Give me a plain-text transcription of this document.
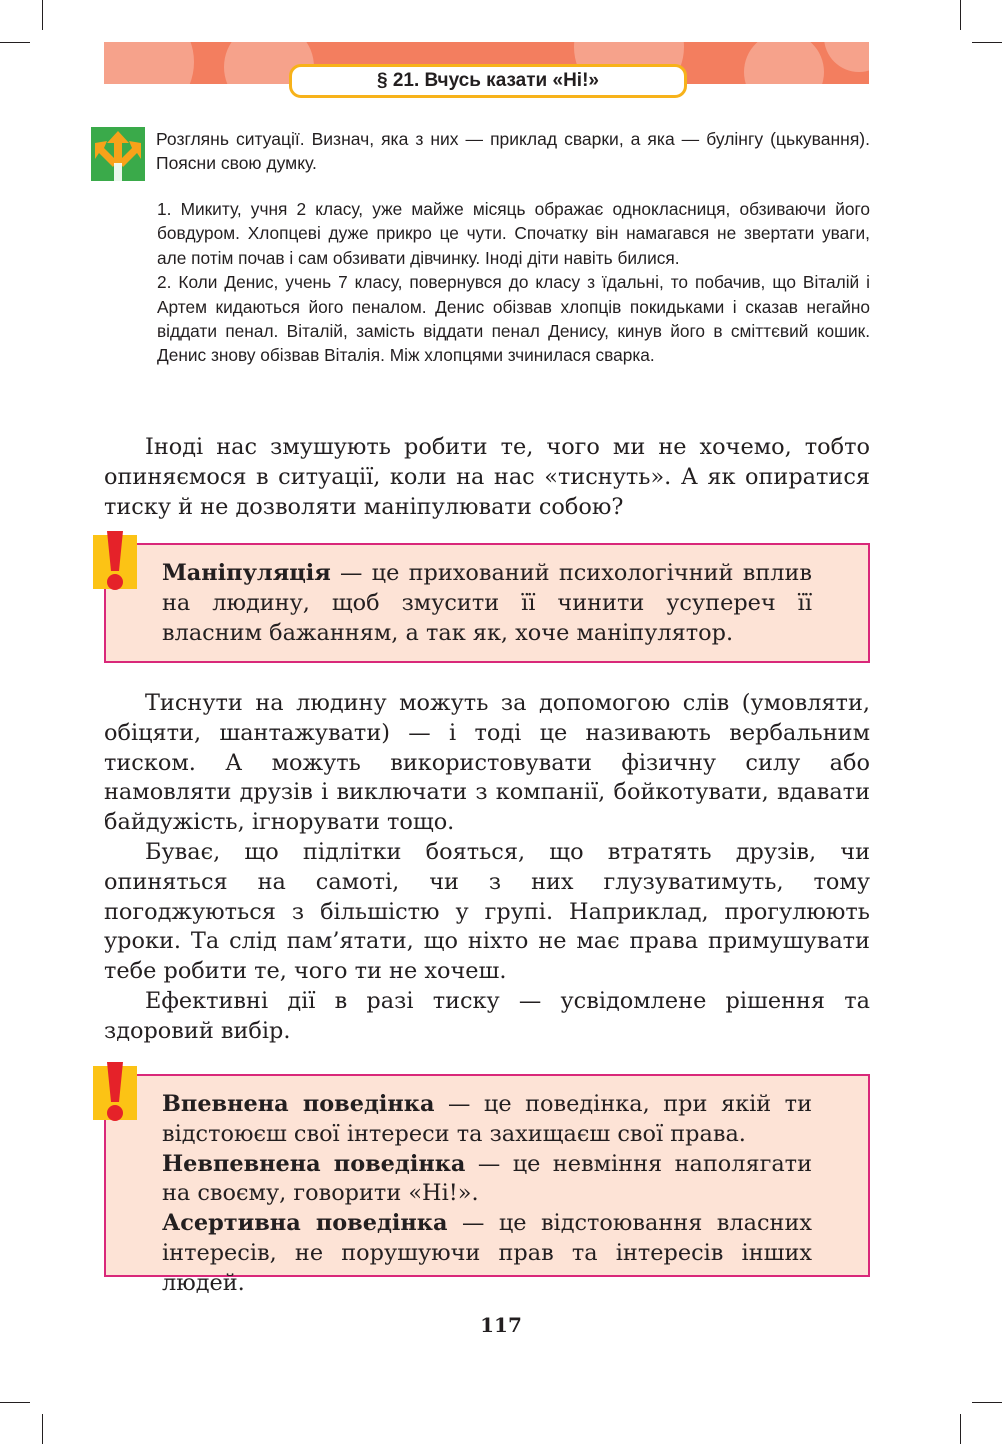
§ 21. Вчусь казати «Ні!»
Розглянь ситуації. Визнач, яка з них — приклад сварки, а яка — булінгу (цькування). Поясни свою думку.

1. Микиту, учня 2 класу, уже майже місяць ображає однокласниця, обзиваючи його бовдуром. Хлопцеві дуже прикро це чути. Спочатку він намагався не звертати уваги, але потім почав і сам обзивати дівчинку. Іноді діти навіть билися.

2. Коли Денис, учень 7 класу, повернувся до класу з їдальні, то побачив, що Віталій і Артем кидаються його пеналом. Денис обізвав хлопців покидьками і сказав негайно віддати пенал. Віталій, замість віддати пенал Денису, кинув його в сміттєвий кошик. Денис знову обізвав Віталія. Між хлопцями зчинилася сварка.

Іноді нас змушують робити те, чого ми не хочемо, тобто опиняємося в ситуації, коли на нас «тиснуть». А як опиратися тиску й не дозволяти маніпулювати собою?

Маніпуляція — це прихований психологічний вплив на людину, щоб змусити її чинити усупереч її власним бажанням, а так як, хоче маніпулятор.

Тиснути на людину можуть за допомогою слів (умовляти, обіцяти, шантажувати) — і тоді це називають вербальним тиском. А можуть використовувати фізичну силу або намовляти друзів і виключати з компанії, бойкотувати, вдавати байдужість, ігнорувати тощо.

Буває, що підлітки бояться, що втратять друзів, чи опиняться на самоті, чи з них глузуватимуть, тому погоджуються з більшістю у групі. Наприклад, прогулюють уроки. Та слід пам’ятати, що ніхто не має права примушувати тебе робити те, чого ти не хочеш.

Ефективні дії в разі тиску — усвідомлене рішення та здоровий вибір.

Впевнена поведінка — це поведінка, при якій ти відстоюєш свої інтереси та захищаєш свої права.

Невпевнена поведінка — це невміння наполягати на своєму, говорити «Ні!».

Асертивна поведінка — це відстоювання власних інтересів, не порушуючи прав та інтересів інших людей.

117
